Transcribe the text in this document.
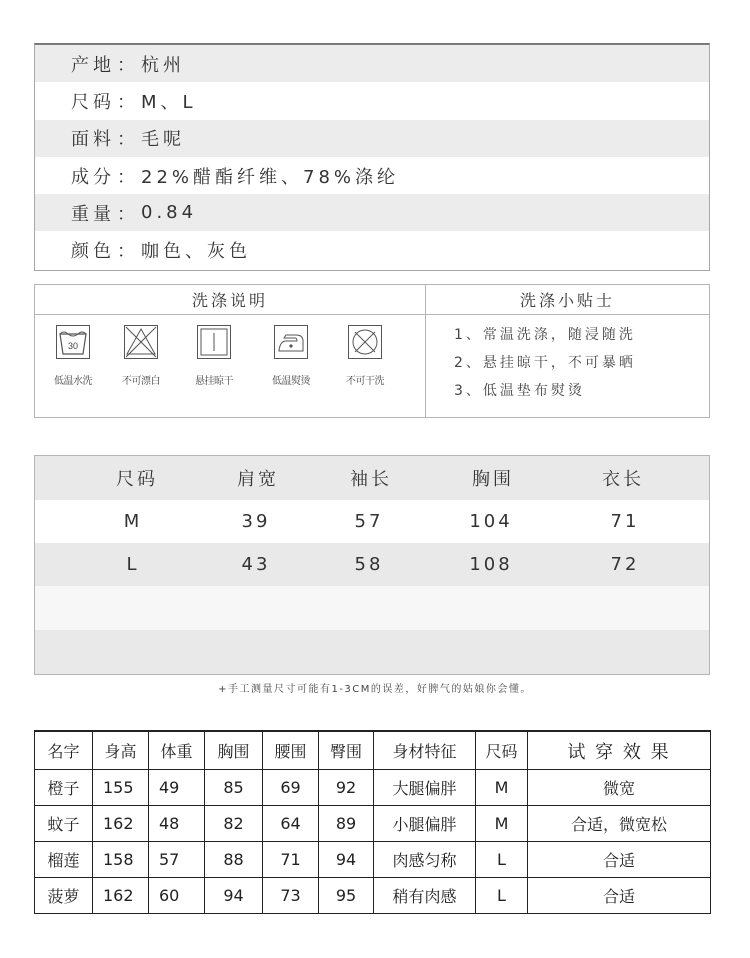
产地 ： 杭州
尺码 ： M、L
面料 ： 毛呢
成分 ： 22%醋酯纤维、78%涤纶
重量 ： 0.84
颜色 ： 咖色、灰色
洗涤说明
30
低温水洗	不可漂白	悬挂晾干	低温熨烫	不可干洗
洗涤小贴士
1、常温洗涤，随浸随洗
2、悬挂晾干，不可暴晒
3、低温垫布熨烫
尺码	肩宽	袖长	胸围	衣长
M	39	57	104	71
L	43	58	108	72
+手工测量尺寸可能有1-3CM的误差，好脾气的姑娘你会懂。
名字	身高	体重	胸围	腰围	臀围	身材特征	尺码	试 穿 效 果
橙子	155	49	85	69	92	大腿偏胖	M	微宽
蚊子	162	48	82	64	89	小腿偏胖	M	合适，微宽松
榴莲	158	57	88	71	94	肉感匀称	L	合适
菠萝	162	60	94	73	95	稍有肉感	L	合适
